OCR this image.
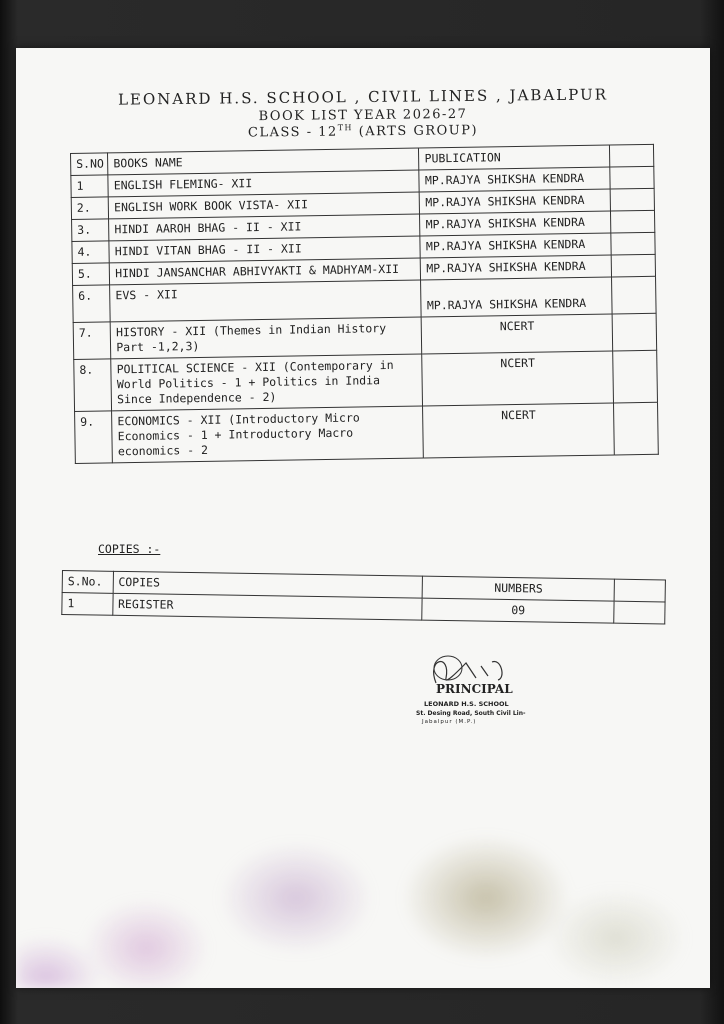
LEONARD H.S. SCHOOL , CIVIL LINES , JABALPUR
BOOK LIST YEAR 2026-27
CLASS - 12TH (ARTS GROUP)
S.NO	BOOKS NAME	PUBLICATION	
1	ENGLISH FLEMING- XII	MP.RAJYA SHIKSHA KENDRA	
2.	ENGLISH WORK BOOK VISTA- XII	MP.RAJYA SHIKSHA KENDRA	
3.	HINDI AAROH BHAG - II - XII	MP.RAJYA SHIKSHA KENDRA	
4.	HINDI VITAN BHAG - II - XII	MP.RAJYA SHIKSHA KENDRA	
5.	HINDI JANSANCHAR ABHIVYAKTI & MADHYAM-XII	MP.RAJYA SHIKSHA KENDRA	
6.	EVS - XII	MP.RAJYA SHIKSHA KENDRA	
7.	HISTORY - XII (Themes in Indian History Part -1,2,3)	NCERT	
8.	POLITICAL SCIENCE - XII (Contemporary in World Politics - 1 + Politics in India Since Independence - 2)	NCERT	
9.	ECONOMICS - XII (Introductory Micro Economics - 1 + Introductory Macro economics - 2	NCERT	
COPIES :-
S.No.	COPIES	NUMBERS	
1	REGISTER	09	
PRINCIPAL
LEONARD H.S. SCHOOL
St. Desing Road, South Civil Lin-
Jabalpur (M.P.)
